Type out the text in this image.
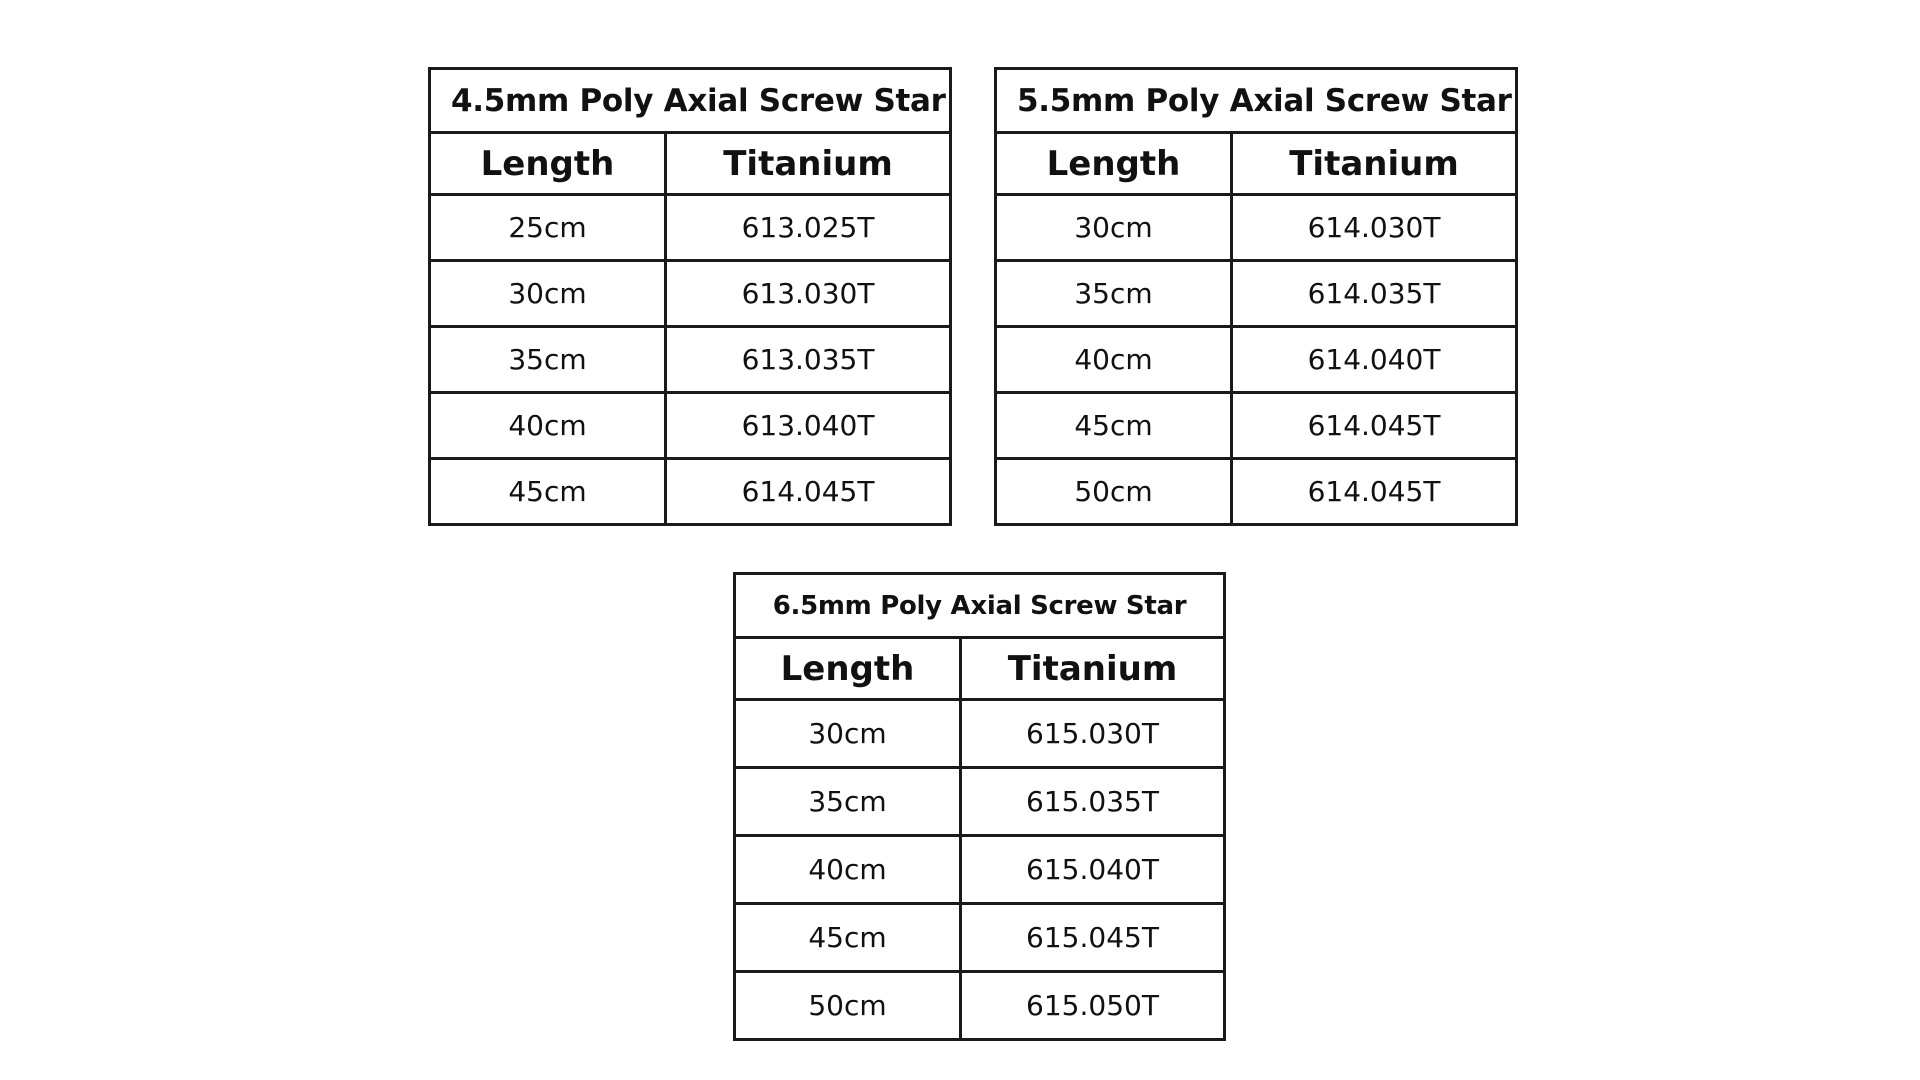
4.5mm Poly Axial Screw Star	
Length	Titanium
25cm	613.025T
30cm	613.030T
35cm	613.035T
40cm	613.040T
45cm	614.045T
5.5mm Poly Axial Screw Star	
Length	Titanium
30cm	614.030T
35cm	614.035T
40cm	614.040T
45cm	614.045T
50cm	614.045T
6.5mm Poly Axial Screw Star	
Length	Titanium
30cm	615.030T
35cm	615.035T
40cm	615.040T
45cm	615.045T
50cm	615.050T
